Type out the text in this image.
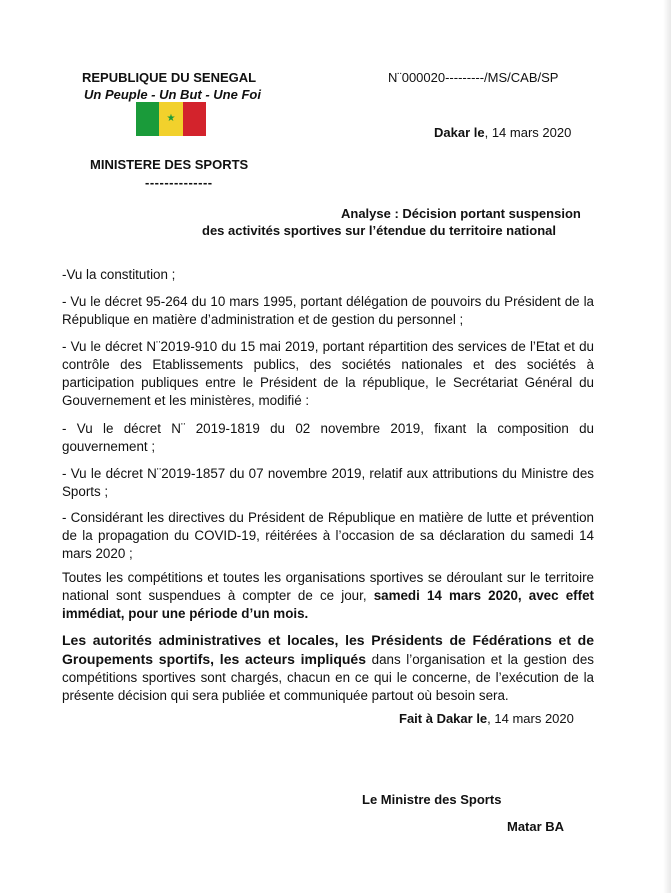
REPUBLIQUE DU SENEGAL
Un Peuple - Un But - Une Foi
★
MINISTERE DES SPORTS
--------------
N¨000020---------/MS/CAB/SP
Dakar le, 14 mars 2020
Analyse : Décision portant suspension
des activités sportives sur l’étendue du territoire national
-Vu la constitution ;
- Vu le décret 95-264 du 10 mars 1995, portant délégation de pouvoirs du Président de la République en matière d’administration et de gestion du personnel ;
- Vu le décret N¨2019-910 du 15 mai 2019, portant répartition des services de l’Etat et du contrôle des Etablissements publics, des sociétés nationales et des sociétés à participation publiques entre le Président de la république, le Secrétariat Général du Gouvernement et les ministères, modifié :
- Vu le décret N¨ 2019-1819 du 02 novembre 2019, fixant la composition du gouvernement ;
- Vu le décret N¨2019-1857 du 07 novembre 2019, relatif aux attributions du Ministre des Sports ;
- Considérant les directives du Président de République en matière de lutte et prévention de la propagation du COVID-19, réitérées à l’occasion de sa déclaration du samedi 14 mars 2020 ;
Toutes les compétitions et toutes les organisations sportives se déroulant sur le territoire national sont suspendues à compter de ce jour, samedi 14 mars 2020, avec effet immédiat, pour une période d’un mois.
Les autorités administratives et locales, les Présidents de Fédérations et de Groupements sportifs, les acteurs impliqués dans l’organisation et la gestion des compétitions sportives sont chargés, chacun en ce qui le concerne, de l’exécution de la présente décision qui sera publiée et communiquée partout où besoin sera.
Fait à Dakar le, 14 mars 2020
Le Ministre des Sports
Matar BA
